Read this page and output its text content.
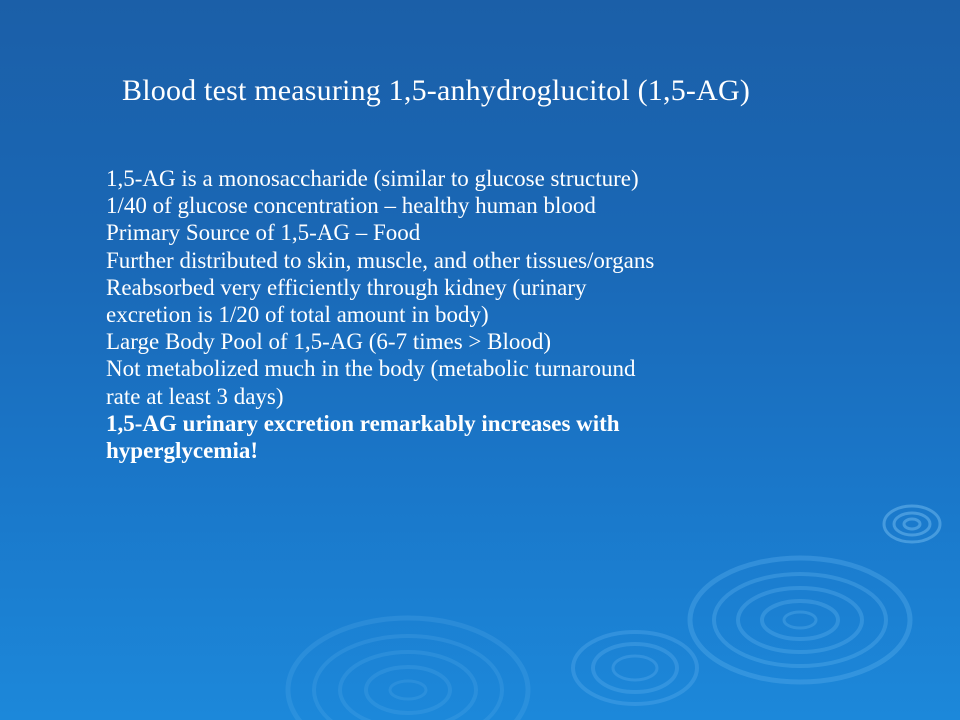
Blood test measuring 1,5-anhydroglucitol (1,5-AG)
1,5-AG is a monosaccharide (similar to glucose structure)
1/40 of glucose concentration – healthy human blood
Primary Source of 1,5-AG – Food
Further distributed to skin, muscle, and other tissues/organs
Reabsorbed very efficiently through kidney (urinary
excretion is 1/20 of total amount in body)
Large Body Pool of 1,5-AG (6-7 times > Blood)
Not metabolized much in the body (metabolic turnaround
rate at least 3 days)
1,5-AG urinary excretion remarkably increases with
hyperglycemia!
